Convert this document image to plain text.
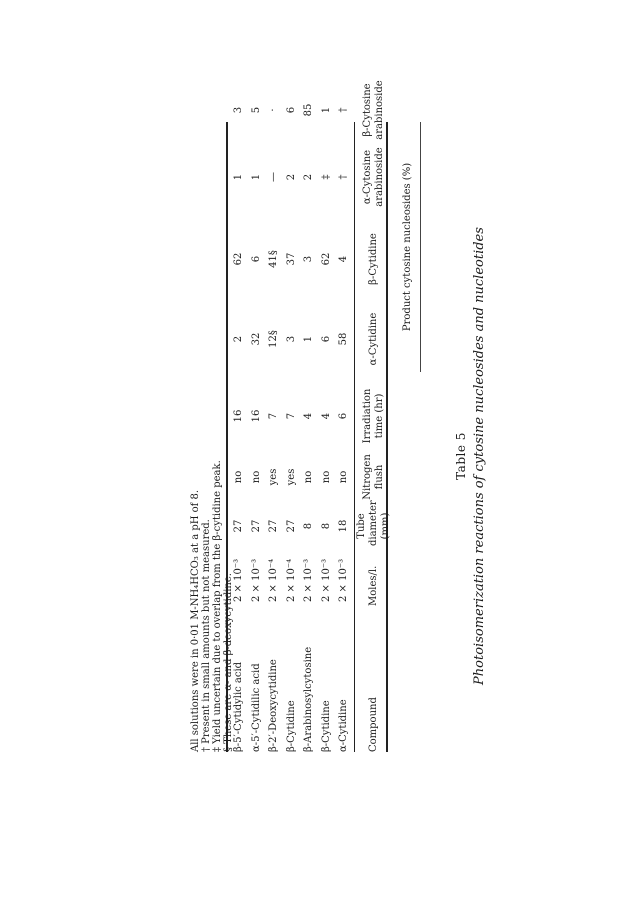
Table 5 Photoisomerization reactions of cytosine nucleosides and nucleotides
Compound
Moles/l.
Tube diameter (mm)
Nitrogen flush
Irradiation time (hr)
Product cytosine nucleosides (%)
α-Cytidine
β-Cytidine
α-Cytosine arabinoside
β-Cytosine arabinoside
α-Cytidine
2 × 10⁻³
18
no
6
58
4
†
†
β-Cytidine
2 × 10⁻³
8
no
4
6
62
‡
1
β-Arabinosylcytosine
2 × 10⁻³
8
no
4
1
3
2
85
β-Cytidine
2 × 10⁻⁴
27
yes
7
3
37
2
6
β-2′-Deoxycytidine
2 × 10⁻⁴
27
yes
7
12§
41§
—
·
α-5′-Cytidilic acid
2 × 10⁻³
27
no
16
32
6
1
5
β-5′-Cytidylic acid
2 × 10⁻³
27
no
16
2
62
1
3
All solutions were in 0·01 M-NH₄HCO₃ at a pH of 8. † Present in small amounts but not measured. ‡ Yield uncertain due to overlap from the β-cytidine peak. § These are α- and β-deoxycytidine.
